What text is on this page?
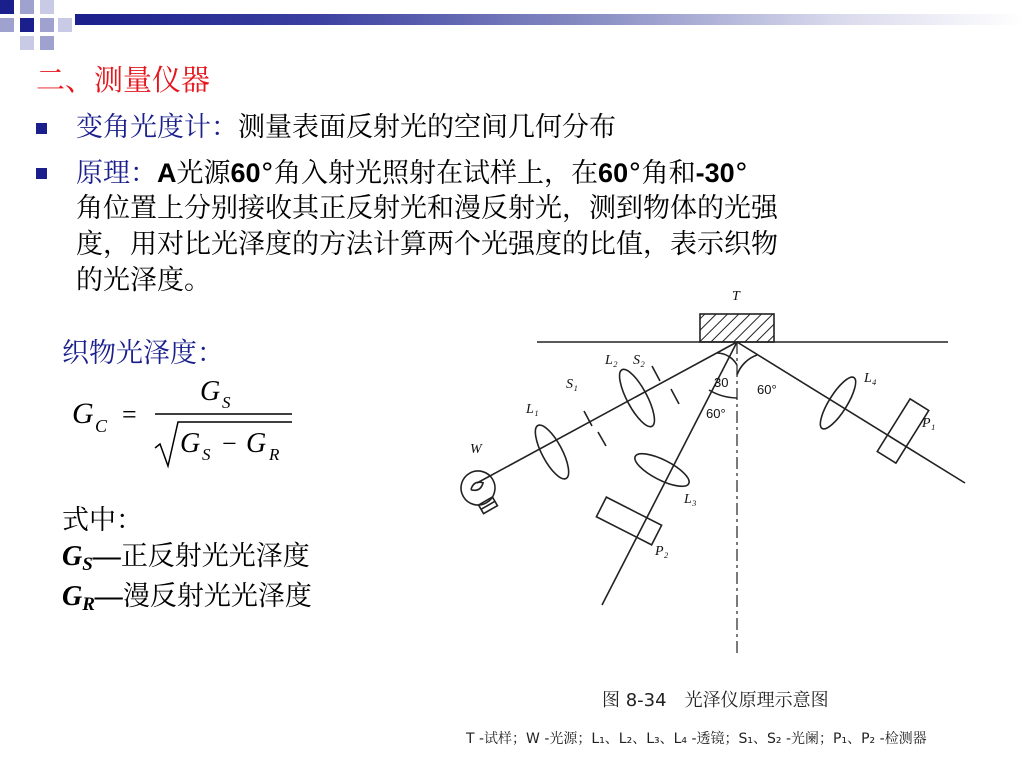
二、测量仪器
变角光度计：测量表面反射光的空间几何分布
原理：A光源60°角入射光照射在试样上，在60°角和-30°
角位置上分别接收其正反射光和漫反射光，测到物体的光强
度，用对比光泽度的方法计算两个光强度的比值，表示织物
的光泽度。
织物光泽度：
G C =
G S
G S − G R
式中：
$G_S—$正反射光光泽度
$G_R—$漫反射光光泽度
T
L₂ S₂
S₁
L₁
W
L₃
P₂
L₄
P₁
30 60°
60°
图 8-34　光泽仪原理示意图
T -试样；W -光源；L₁、L₂、L₃、L₄ -透镜；S₁、S₂ -光阑；P₁、P₂ -检测器
